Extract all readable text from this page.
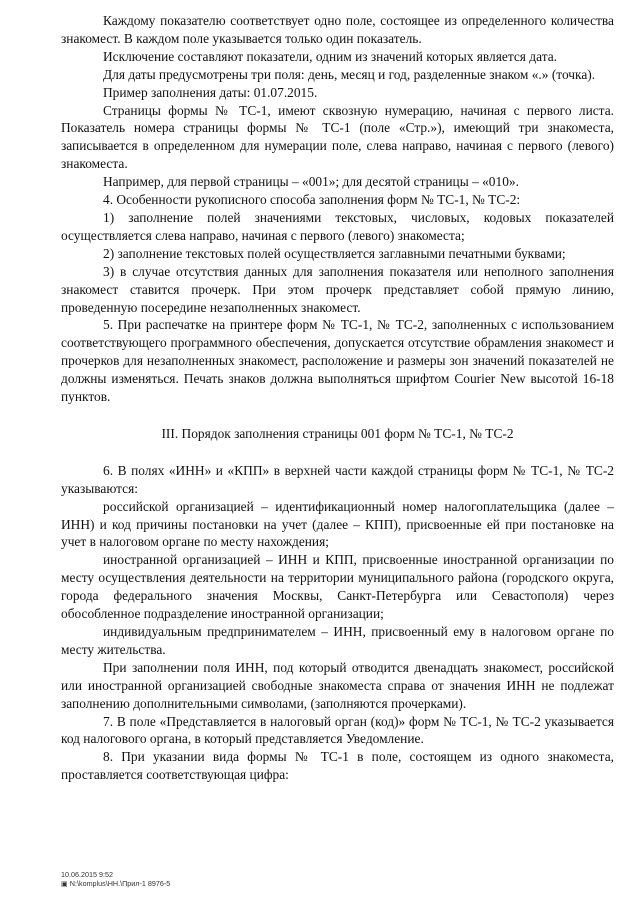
Каждому показателю соответствует одно поле, состоящее из определенного количества знакомест. В каждом поле указывается только один показатель.

Исключение составляют показатели, одним из значений которых является дата.

Для даты предусмотрены три поля: день, месяц и год, разделенные знаком «.» (точка).

Пример заполнения даты: 01.07.2015.

Страницы формы № ТС-1, имеют сквозную нумерацию, начиная с первого листа. Показатель номера страницы формы № ТС-1 (поле «Стр.»), имеющий три знакоместа, записывается в определенном для нумерации поле, слева направо, начиная с первого (левого) знакоместа.

Например, для первой страницы – «001»; для десятой страницы – «010».

4. Особенности рукописного способа заполнения форм № ТС-1, № ТС-2:

1) заполнение полей значениями текстовых, числовых, кодовых показателей осуществляется слева направо, начиная с первого (левого) знакоместа;

2) заполнение текстовых полей осуществляется заглавными печатными буквами;

3) в случае отсутствия данных для заполнения показателя или неполного заполнения знакомест ставится прочерк. При этом прочерк представляет собой прямую линию, проведенную посередине незаполненных знакомест.

5. При распечатке на принтере форм № ТС-1, № ТС-2, заполненных с использованием соответствующего программного обеспечения, допускается отсутствие обрамления знакомест и прочерков для незаполненных знакомест, расположение и размеры зон значений показателей не должны изменяться. Печать знаков должна выполняться шрифтом Courier New высотой 16-18 пунктов.

III. Порядок заполнения страницы 001 форм № ТС-1, № ТС-2

6. В полях «ИНН» и «КПП» в верхней части каждой страницы форм № ТС-1, № ТС-2 указываются:

российской организацией – идентификационный номер налогоплательщика (далее – ИНН) и код причины постановки на учет (далее – КПП), присвоенные ей при постановке на учет в налоговом органе по месту нахождения;

иностранной организацией – ИНН и КПП, присвоенные иностранной организации по месту осуществления деятельности на территории муниципального района (городского округа, города федерального значения Москвы, Санкт-Петербурга или Севастополя) через обособленное подразделение иностранной организации;

индивидуальным предпринимателем – ИНН, присвоенный ему в налоговом органе по месту жительства.

При заполнении поля ИНН, под который отводится двенадцать знакомест, российской или иностранной организацией свободные знакоместа справа от значения ИНН не подлежат заполнению дополнительными символами, (заполняются прочерками).

7. В поле «Представляется в налоговый орган (код)» форм № ТС-1, № ТС-2 указывается код налогового органа, в который представляется Уведомление.

8. При указании вида формы № ТС-1 в поле, состоящем из одного знакоместа, проставляется соответствующая цифра:

10.06.2015 9:52
▣ N:\komplus\НН.\Прил-1 8976-5
